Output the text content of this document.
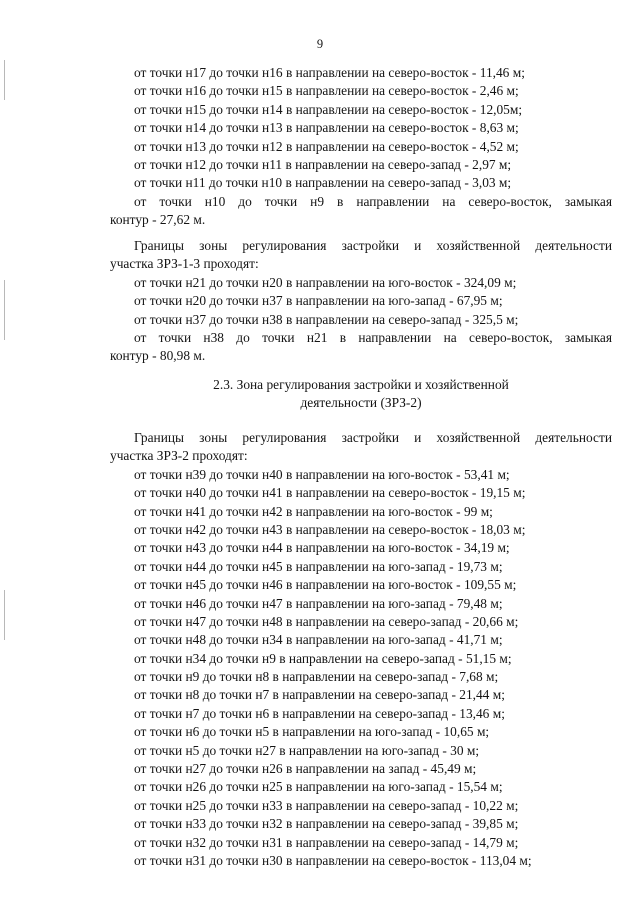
9
от точки н17 до точки н16 в направлении на северо-восток - 11,46 м;
от точки н16 до точки н15 в направлении на северо-восток - 2,46 м;
от точки н15 до точки н14 в направлении на северо-восток - 12,05м;
от точки н14 до точки н13 в направлении на северо-восток - 8,63 м;
от точки н13 до точки н12 в направлении на северо-восток - 4,52 м;
от точки н12 до точки н11 в направлении на северо-запад - 2,97 м;
от точки н11 до точки н10 в направлении на северо-запад - 3,03 м;
от точки н10 до точки н9 в направлении на северо-восток, замыкая
контур - 27,62 м.
Границы зоны регулирования застройки и хозяйственной деятельности
участка ЗРЗ-1-3 проходят:
от точки н21 до точки н20 в направлении на юго-восток - 324,09 м;
от точки н20 до точки н37 в направлении на юго-запад - 67,95 м;
от точки н37 до точки н38 в направлении на северо-запад - 325,5 м;
от точки н38 до точки н21 в направлении на северо-восток, замыкая
контур - 80,98 м.
2.3. Зона регулирования застройки и хозяйственной
деятельности (ЗРЗ-2)
Границы зоны регулирования застройки и хозяйственной деятельности
участка ЗРЗ-2 проходят:
от точки н39 до точки н40 в направлении на юго-восток - 53,41 м;
от точки н40 до точки н41 в направлении на северо-восток - 19,15 м;
от точки н41 до точки н42 в направлении на юго-восток - 99 м;
от точки н42 до точки н43 в направлении на северо-восток - 18,03 м;
от точки н43 до точки н44 в направлении на юго-восток - 34,19 м;
от точки н44 до точки н45 в направлении на юго-запад - 19,73 м;
от точки н45 до точки н46 в направлении на юго-восток - 109,55 м;
от точки н46 до точки н47 в направлении на юго-запад - 79,48 м;
от точки н47 до точки н48 в направлении на северо-запад - 20,66 м;
от точки н48 до точки н34 в направлении на юго-запад - 41,71 м;
от точки н34 до точки н9 в направлении на северо-запад - 51,15 м;
от точки н9 до точки н8 в направлении на северо-запад - 7,68 м;
от точки н8 до точки н7 в направлении на северо-запад - 21,44 м;
от точки н7 до точки н6 в направлении на северо-запад - 13,46 м;
от точки н6 до точки н5 в направлении на юго-запад - 10,65 м;
от точки н5 до точки н27 в направлении на юго-запад - 30 м;
от точки н27 до точки н26 в направлении на запад - 45,49 м;
от точки н26 до точки н25 в направлении на юго-запад - 15,54 м;
от точки н25 до точки н33 в направлении на северо-запад - 10,22 м;
от точки н33 до точки н32 в направлении на северо-запад - 39,85 м;
от точки н32 до точки н31 в направлении на северо-запад - 14,79 м;
от точки н31 до точки н30 в направлении на северо-восток - 113,04 м;
